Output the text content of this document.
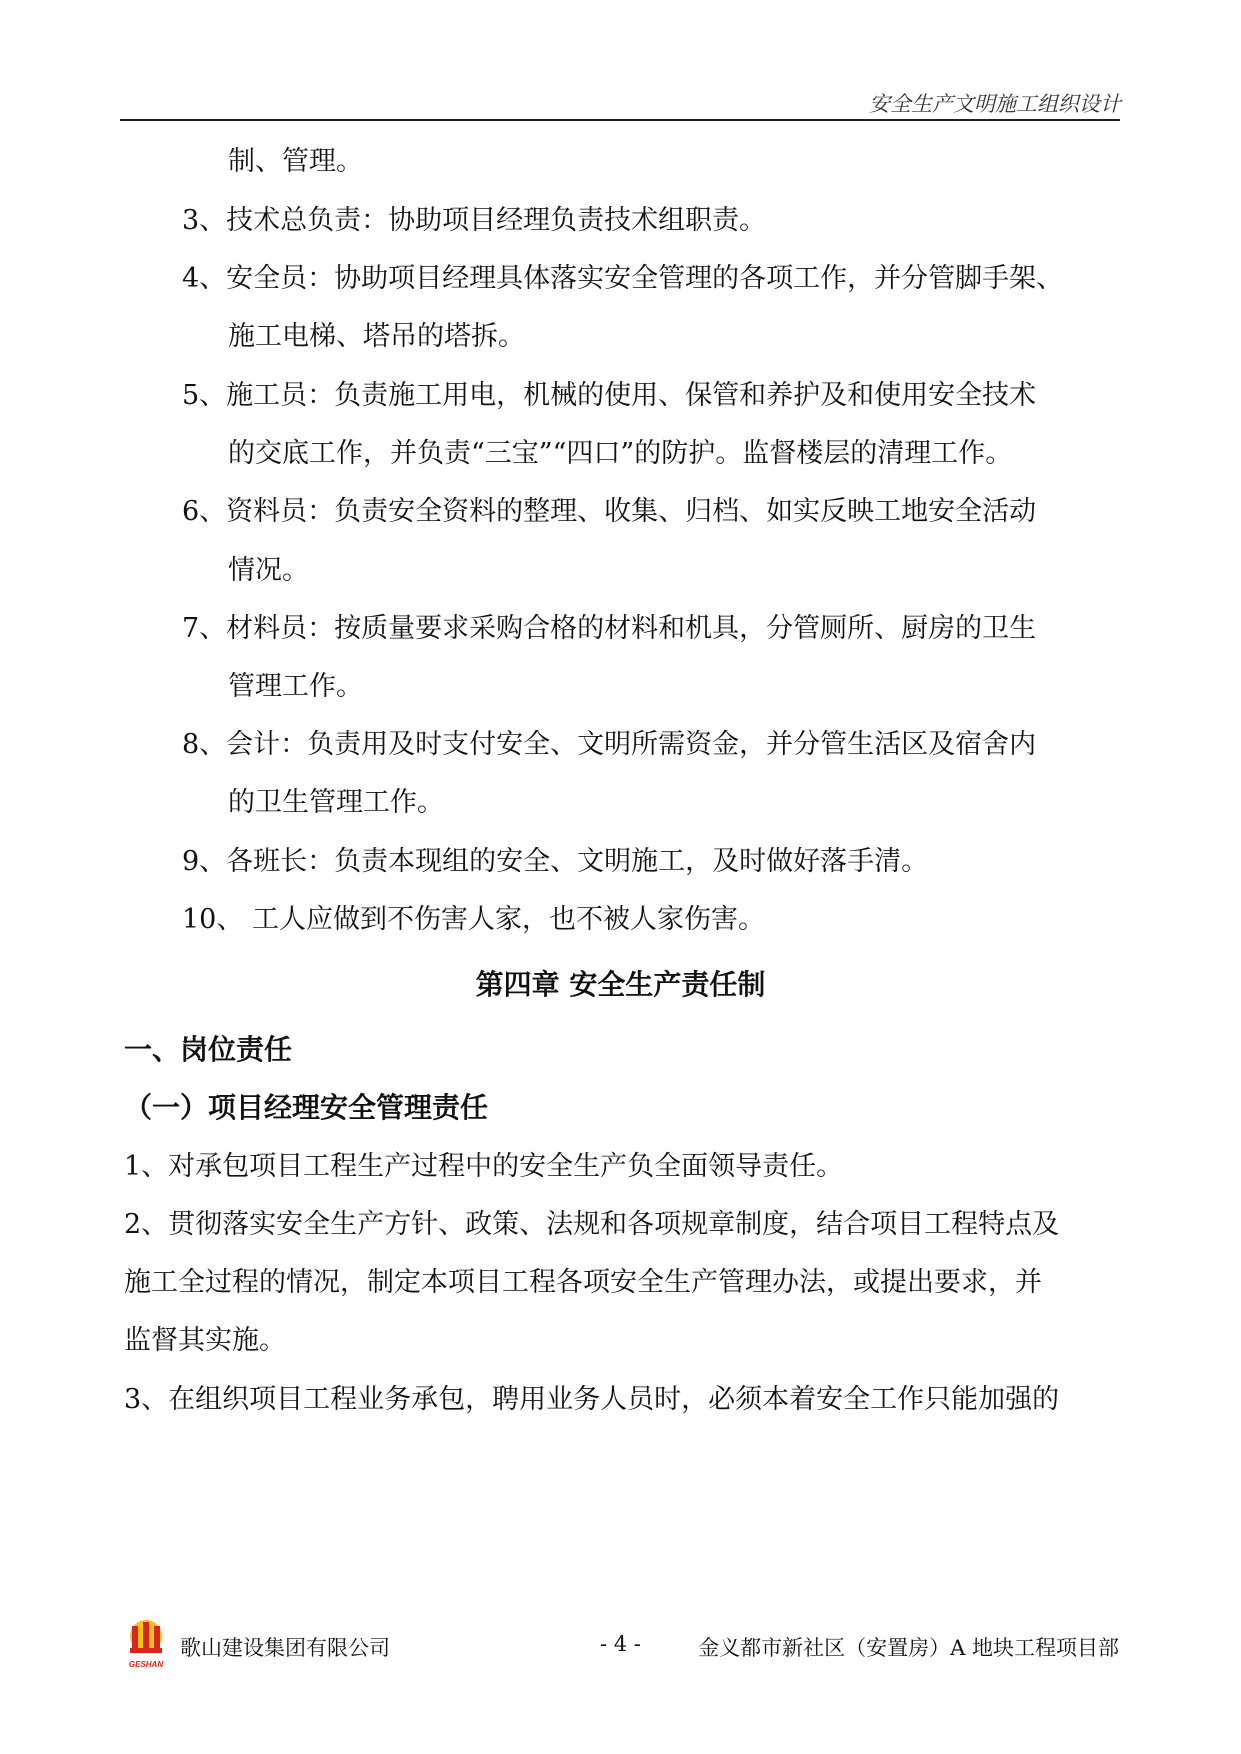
安全生产文明施工组织设计
制、管理。
3、技术总负责：协助项目经理负责技术组职责。
4、安全员：协助项目经理具体落实安全管理的各项工作，并分管脚手架、
施工电梯、塔吊的塔拆。
5、施工员：负责施工用电，机械的使用、保管和养护及和使用安全技术
的交底工作，并负责“三宝”“四口”的防护。监督楼层的清理工作。
6、资料员：负责安全资料的整理、收集、归档、如实反映工地安全活动
情况。
7、材料员：按质量要求采购合格的材料和机具，分管厕所、厨房的卫生
管理工作。
8、会计：负责用及时支付安全、文明所需资金，并分管生活区及宿舍内
的卫生管理工作。
9、各班长：负责本现组的安全、文明施工，及时做好落手清。
10、 工人应做到不伤害人家，也不被人家伤害。
第四章 安全生产责任制
一、岗位责任
（一）项目经理安全管理责任
1、对承包项目工程生产过程中的安全生产负全面领导责任。
2、贯彻落实安全生产方针、政策、法规和各项规章制度，结合项目工程特点及
施工全过程的情况，制定本项目工程各项安全生产管理办法，或提出要求，并
监督其实施。
3、在组织项目工程业务承包，聘用业务人员时，必须本着安全工作只能加强的
GESHAN
歌山建设集团有限公司	- 4 -	金义都市新社区（安置房）A 地块工程项目部
